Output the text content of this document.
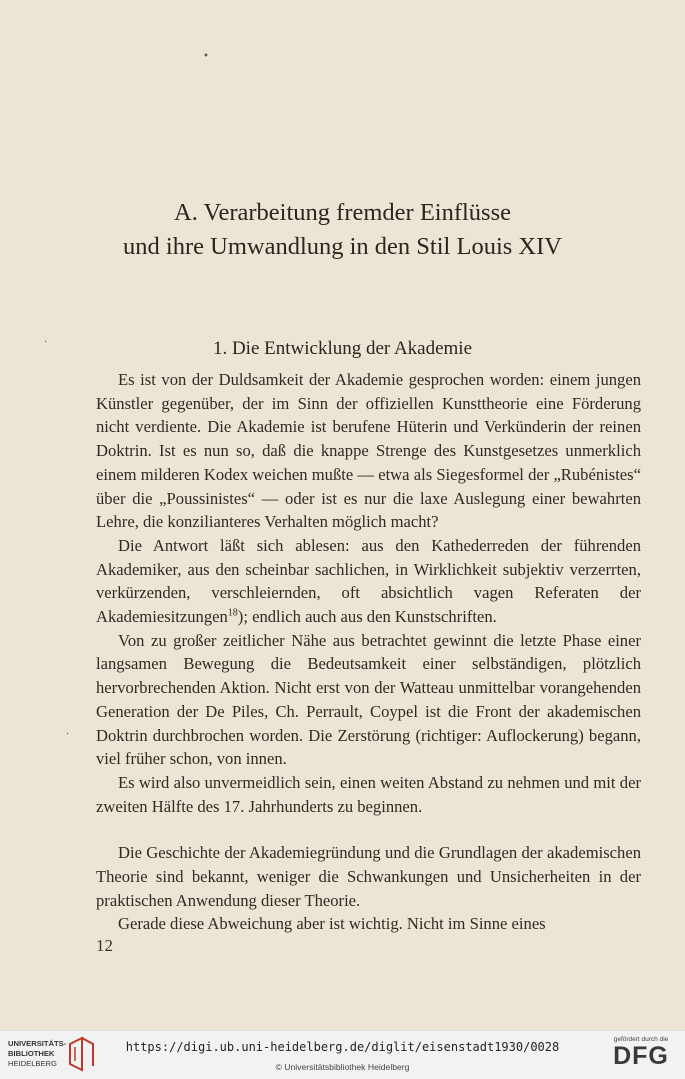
•
·
·
A. Verarbeitung fremder Einflüsse
und ihre Umwandlung in den Stil Louis XIV
1. Die Entwicklung der Akademie

Es ist von der Duldsamkeit der Akademie gesprochen worden: einem jungen Künstler gegenüber, der im Sinn der offiziellen Kunsttheorie eine Förderung nicht verdiente. Die Akademie ist berufene Hüterin und Verkünderin der reinen Doktrin. Ist es nun so, daß die knappe Strenge des Kunstgesetzes unmerklich einem milderen Kodex weichen mußte — etwa als Siegesformel der „Rubénistes“ über die „Poussinistes“ — oder ist es nur die laxe Auslegung einer bewahrten Lehre, die konzilianteres Verhalten möglich macht?

Die Antwort läßt sich ablesen: aus den Kathederreden der führenden Akademiker, aus den scheinbar sachlichen, in Wirklichkeit subjektiv verzerrten, verkürzenden, verschleiernden, oft absichtlich vagen Referaten der Akademiesitzungen$^{18}$); endlich auch aus den Kunstschriften.

Von zu großer zeitlicher Nähe aus betrachtet gewinnt die letzte Phase einer langsamen Bewegung die Bedeutsamkeit einer selbständigen, plötzlich hervorbrechenden Aktion. Nicht erst von der Watteau unmittelbar vorangehenden Generation der De Piles, Ch. Perrault, Coypel ist die Front der akademischen Doktrin durchbrochen worden. Die Zerstörung (richtiger: Auflockerung) begann, viel früher schon, von innen.

Es wird also unvermeidlich sein, einen weiten Abstand zu nehmen und mit der zweiten Hälfte des 17. Jahrhunderts zu beginnen.

Die Geschichte der Akademiegründung und die Grundlagen der akademischen Theorie sind bekannt, weniger die Schwankungen und Unsicherheiten in der praktischen Anwendung dieser Theorie.

Gerade diese Abweichung aber ist wichtig. Nicht im Sinne eines

12
UNIVERSITÄTS-
BIBLIOTHEK
HEIDELBERG
https://digi.ub.uni-heidelberg.de/diglit/eisenstadt1930/0028
© Universitätsbibliothek Heidelberg
gefördert durch die
DFG
